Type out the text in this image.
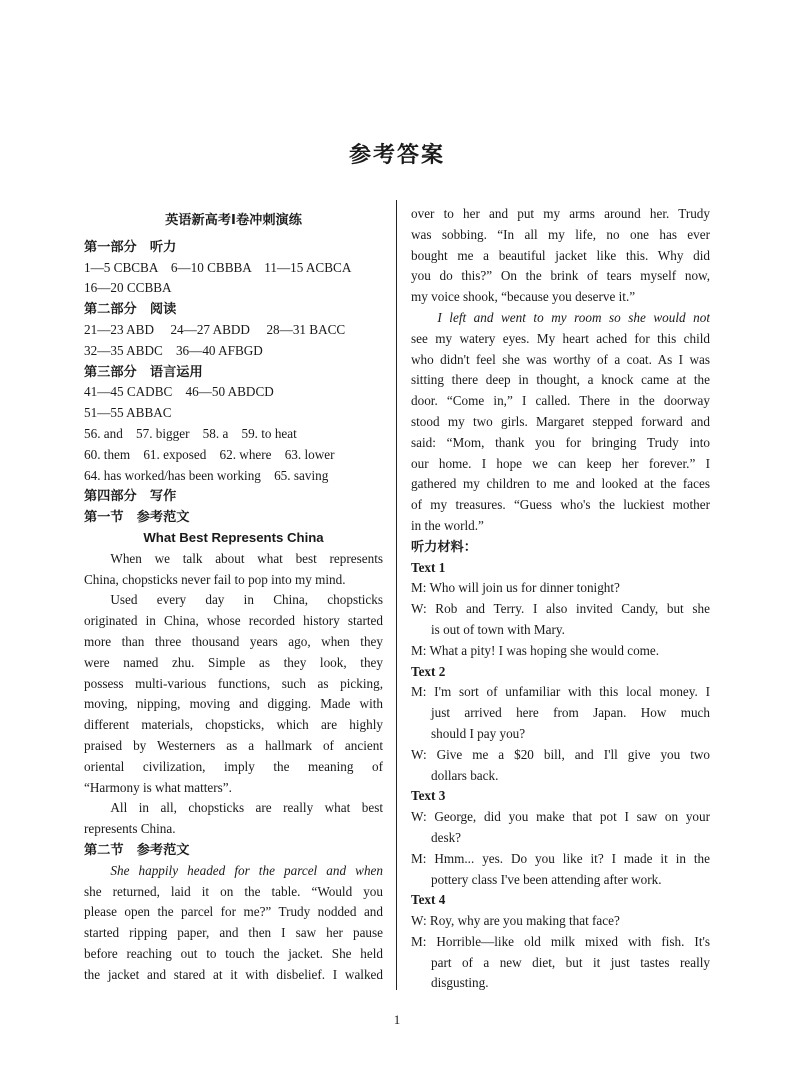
参考答案
英语新高考Ⅰ卷冲刺演练
第一部分　听力
1—5 CBCBA　6—10 CBBBA　11—15 ACBCA
16—20 CCBBA
第二部分　阅读
21—23 ABD　 24—27 ABDD　 28—31 BACC
32—35 ABDC　36—40 AFBGD
第三部分　语言运用
41—45 CADBC　46—50 ABDCD
51—55 ABBAC
56. and　57. bigger　58. a　59. to heat
60. them　61. exposed　62. where　63. lower
64. has worked/has been working　65. saving
第四部分　写作
第一节　参考范文
What Best Represents China
When we talk about what best represents
China, chopsticks never fail to pop into my mind.
Used every day in China, chopsticks
originated in China, whose recorded history started
more than three thousand years ago, when they
were named zhu. Simple as they look, they
possess multi-various functions, such as picking,
moving, nipping, moving and digging. Made with
different materials, chopsticks, which are highly
praised by Westerners as a hallmark of ancient
oriental civilization, imply the meaning of
“Harmony is what matters”.
All in all, chopsticks are really what best
represents China.
第二节　参考范文
She happily headed for the parcel and when
she returned, laid it on the table. “Would you
please open the parcel for me?” Trudy nodded and
started ripping paper, and then I saw her pause
before reaching out to touch the jacket. She held
the jacket and stared at it with disbelief. I walked
over to her and put my arms around her. Trudy
was sobbing. “In all my life, no one has ever
bought me a beautiful jacket like this. Why did
you do this?” On the brink of tears myself now,
my voice shook, “because you deserve it.”
I left and went to my room so she would not
see my watery eyes. My heart ached for this child
who didn't feel she was worthy of a coat. As I was
sitting there deep in thought, a knock came at the
door. “Come in,” I called. There in the doorway
stood my two girls. Margaret stepped forward and
said: “Mom, thank you for bringing Trudy into
our home. I hope we can keep her forever.” I
gathered my children to me and looked at the faces
of my treasures. “Guess who's the luckiest mother
in the world.”
听力材料：
Text 1
M: Who will join us for dinner tonight?
W: Rob and Terry. I also invited Candy, but she
is out of town with Mary.
M: What a pity! I was hoping she would come.
Text 2
M: I'm sort of unfamiliar with this local money. I
just arrived here from Japan. How much
should I pay you?
W: Give me a $20 bill, and I'll give you two
dollars back.
Text 3
W: George, did you make that pot I saw on your
desk?
M: Hmm... yes. Do you like it? I made it in the
pottery class I've been attending after work.
Text 4
W: Roy, why are you making that face?
M: Horrible—like old milk mixed with fish. It's
part of a new diet, but it just tastes really
disgusting.
1
